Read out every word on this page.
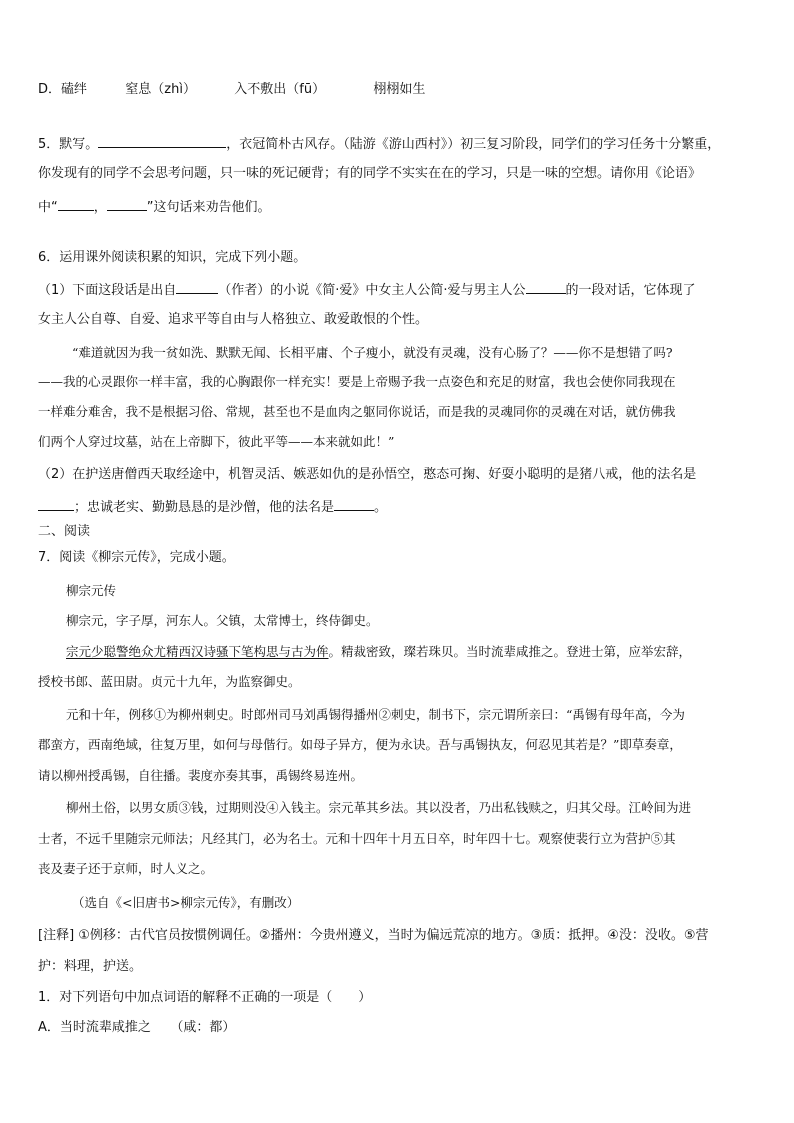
D．磕绊	窒息（zhì）	入不敷出（fū）	栩栩如生
5．默写。	，衣冠简朴古风存。（陆游《游山西村》）初三复习阶段，同学们的学习任务十分繁重，
你发现有的同学不会思考问题，只一味的死记硬背；有的同学不实实在在的学习，只是一味的空想。请你用《论语》
中“	，	”这句话来劝告他们。
6．运用课外阅读积累的知识，完成下列小题。
（1）下面这段话是出自	（作者）的小说《简·爱》中女主人公简·爱与男主人公	的一段对话，它体现了
女主人公自尊、自爱、追求平等自由与人格独立、敢爱敢恨的个性。
“难道就因为我一贫如洗、默默无闻、长相平庸、个子瘦小，就没有灵魂，没有心肠了？——你不是想错了吗?
——我的心灵跟你一样丰富，我的心胸跟你一样充实！要是上帝赐予我一点姿色和充足的财富，我也会使你同我现在
一样难分难舍，我不是根据习俗、常规，甚至也不是血肉之躯同你说话，而是我的灵魂同你的灵魂在对话，就仿佛我
们两个人穿过坟墓，站在上帝脚下，彼此平等——本来就如此！”
（2）在护送唐僧西天取经途中，机智灵活、嫉恶如仇的是孙悟空，憨态可掬、好耍小聪明的是猪八戒，他的法名是
；忠诚老实、勤勤恳恳的是沙僧，他的法名是	。
二、阅读
7．阅读《柳宗元传》，完成小题。
柳宗元传
柳宗元，字子厚，河东人。父镇，太常博士，终侍御史。
宗元少聪警绝众尤精西汉诗骚下笔构思与古为侔。精裁密致，璨若珠贝。当时流辈咸推之。登进士第，应举宏辞，
授校书郎、蓝田尉。贞元十九年，为监察御史。
元和十年，例移①为柳州刺史。时郎州司马刘禹锡得播州②刺史，制书下，宗元谓所亲曰：“禹锡有母年高，今为
郡蛮方，西南绝域，往复万里，如何与母偕行。如母子异方，便为永诀。吾与禹锡执友，何忍见其若是？”即草奏章，
请以柳州授禹锡，自往播。裴度亦奏其事，禹锡终易连州。
柳州土俗，以男女质③钱，过期则没④入钱主。宗元革其乡法。其以没者，乃出私钱赎之，归其父母。江岭间为进
士者，不远千里随宗元师法；凡经其门，必为名士。元和十四年十月五日卒，时年四十七。观察使裴行立为营护⑤其
丧及妻子还于京师，时人义之。
（选自《<旧唐书>柳宗元传》，有删改）
[注释] ①例移：古代官员按惯例调任。②播州：今贵州遵义，当时为偏远荒凉的地方。③质：抵押。④没：没收。⑤营
护：料理，护送。
1．对下列语句中加点词语的解释不正确的一项是（　　）
A．当时流辈咸推之　　（咸：都）
